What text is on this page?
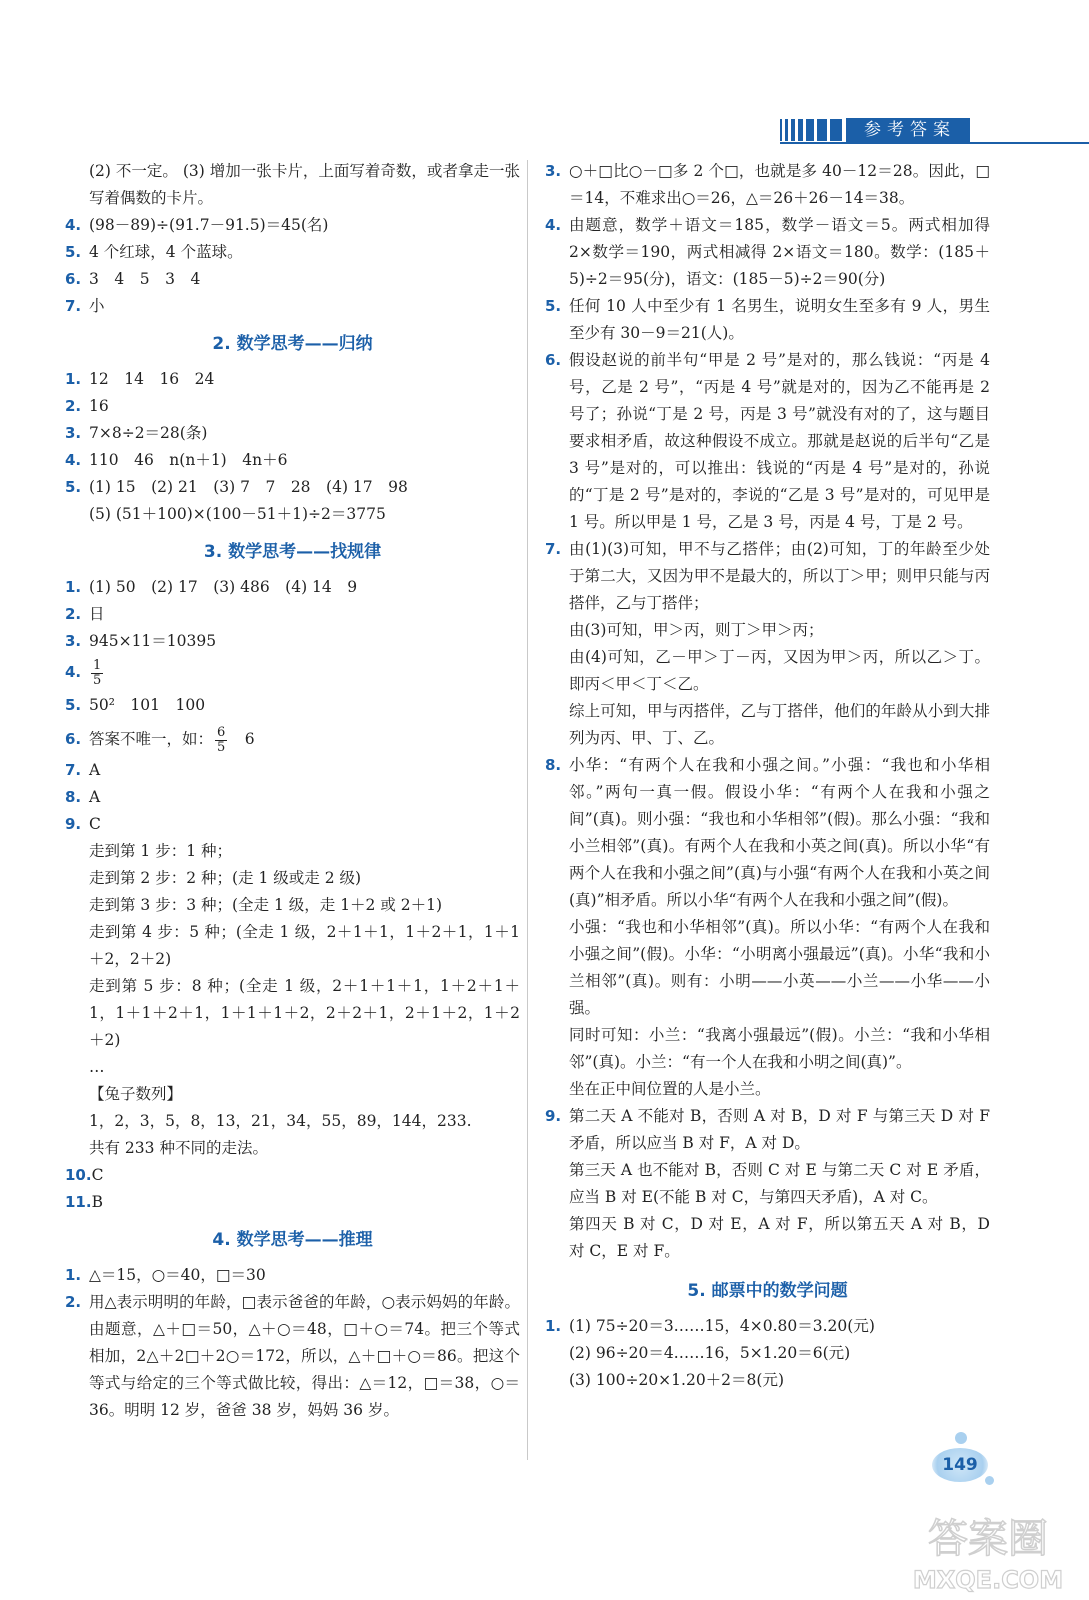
参考答案
(2) 不一定。 (3) 增加一张卡片，上面写着奇数，或者拿走一张写着偶数的卡片。
4. (98－89)÷(91.7－91.5)＝45(名)
5. 4 个红球，4 个蓝球。
6. 3　4　5　3　4
7. 小
2. 数学思考——归纳
1. 12　14　16　24
2. 16
3. 7×8÷2＝28(条)
4. 110　46　n(n＋1)　4n＋6
5. (1) 15　(2) 21　(3) 7　7　28　(4) 17　98
(5) (51＋100)×(100－51＋1)÷2＝3775
3. 数学思考——找规律
1. (1) 50　(2) 17　(3) 486　(4) 14　9
2. 日
3. 945×11＝10395
4. $\frac{1}{5}$
5. 50²　101　100
6. 答案不唯一，如： $\frac{6}{5}$ 　6
7. A
8. A
9. C
走到第 1 步：1 种；
走到第 2 步：2 种；(走 1 级或走 2 级)
走到第 3 步：3 种；(全走 1 级，走 1＋2 或 2＋1)
走到第 4 步：5 种；(全走 1 级，2＋1＋1，1＋2＋1，1＋1＋2，2＋2)
走到第 5 步：8 种；(全走 1 级，2＋1＋1＋1，1＋2＋1＋1，1＋1＋2＋1，1＋1＋1＋2，2＋2＋1，2＋1＋2，1＋2＋2)
…
【兔子数列】
1，2，3，5，8，13，21，34，55，89，144，233.
共有 233 种不同的走法。
10. C
11. B
4. 数学思考——推理
1. △＝15，○＝40，□＝30
2. 用△表示明明的年龄，□表示爸爸的年龄，○表示妈妈的年龄。由题意，△＋□＝50，△＋○＝48，□＋○＝74。把三个等式相加，2△＋2□＋2○＝172，所以，△＋□＋○＝86。把这个等式与给定的三个等式做比较，得出：△＝12，□＝38，○＝36。明明 12 岁，爸爸 38 岁，妈妈 36 岁。
3. ○＋□比○－□多 2 个□，也就是多 40－12＝28。因此，□＝14，不难求出○＝26，△＝26＋26－14＝38。
4. 由题意，数学＋语文＝185，数学－语文＝5。两式相加得 2×数学＝190，两式相减得 2×语文＝180。数学：(185＋5)÷2＝95(分)，语文：(185－5)÷2＝90(分)
5. 任何 10 人中至少有 1 名男生，说明女生至多有 9 人，男生至少有 30－9＝21(人)。
6. 假设赵说的前半句“甲是 2 号”是对的，那么钱说：“丙是 4 号，乙是 2 号”，“丙是 4 号”就是对的，因为乙不能再是 2 号了；孙说“丁是 2 号，丙是 3 号”就没有对的了，这与题目要求相矛盾，故这种假设不成立。那就是赵说的后半句“乙是 3 号”是对的，可以推出：钱说的“丙是 4 号”是对的，孙说的“丁是 2 号”是对的，李说的“乙是 3 号”是对的，可见甲是 1 号。所以甲是 1 号，乙是 3 号，丙是 4 号，丁是 2 号。
7. 由(1)(3)可知，甲不与乙搭伴；由(2)可知，丁的年龄至少处于第二大，又因为甲不是最大的，所以丁＞甲；则甲只能与丙搭伴，乙与丁搭伴；
由(3)可知，甲＞丙，则丁＞甲＞丙；
由(4)可知，乙－甲＞丁－丙，又因为甲＞丙，所以乙＞丁。即丙＜甲＜丁＜乙。
综上可知，甲与丙搭伴，乙与丁搭伴，他们的年龄从小到大排列为丙、甲、丁、乙。
8. 小华：“有两个人在我和小强之间。”小强：“我也和小华相邻。”两句一真一假。假设小华：“有两个人在我和小强之间”(真)。则小强：“我也和小华相邻”(假)。那么小强：“我和小兰相邻”(真)。有两个人在我和小英之间(真)。所以小华“有两个人在我和小强之间”(真)与小强“有两个人在我和小英之间(真)”相矛盾。所以小华“有两个人在我和小强之间”(假)。
小强：“我也和小华相邻”(真)。所以小华：“有两个人在我和小强之间”(假)。小华：“小明离小强最远”(真)。小华“我和小兰相邻”(真)。则有：小明——小英——小兰——小华——小强。
同时可知：小兰：“我离小强最远”(假)。小兰：“我和小华相邻”(真)。小兰：“有一个人在我和小明之间(真)”。
坐在正中间位置的人是小兰。
9. 第二天 A 不能对 B，否则 A 对 B，D 对 F 与第三天 D 对 F 矛盾，所以应当 B 对 F，A 对 D。
第三天 A 也不能对 B，否则 C 对 E 与第二天 C 对 E 矛盾，应当 B 对 E(不能 B 对 C，与第四天矛盾)，A 对 C。
第四天 B 对 C，D 对 E，A 对 F，所以第五天 A 对 B，D 对 C，E 对 F。
5. 邮票中的数学问题
1. (1) 75÷20＝3……15，4×0.80＝3.20(元)
(2) 96÷20＝4……16，5×1.20＝6(元)
(3) 100÷20×1.20＋2＝8(元)
149
答案圈
MXQE.COM
